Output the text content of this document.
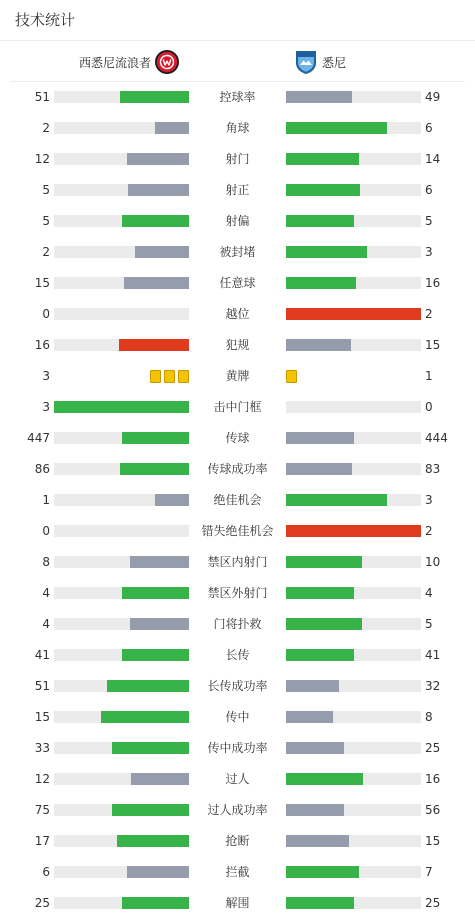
技术统计
西悉尼流浪者	悉尼
51	控球率	49
2	角球	6
12	射门	14
5	射正	6
5	射偏	5
2	被封堵	3
15	任意球	16
0	越位	2
16	犯规	15
3	黄牌	1
3	击中门框	0
447	传球	444
86	传球成功率	83
1	绝佳机会	3
0	错失绝佳机会	2
8	禁区内射门	10
4	禁区外射门	4
4	门将扑救	5
41	长传	41
51	长传成功率	32
15	传中	8
33	传中成功率	25
12	过人	16
75	过人成功率	56
17	抢断	15
6	拦截	7
25	解围	25
